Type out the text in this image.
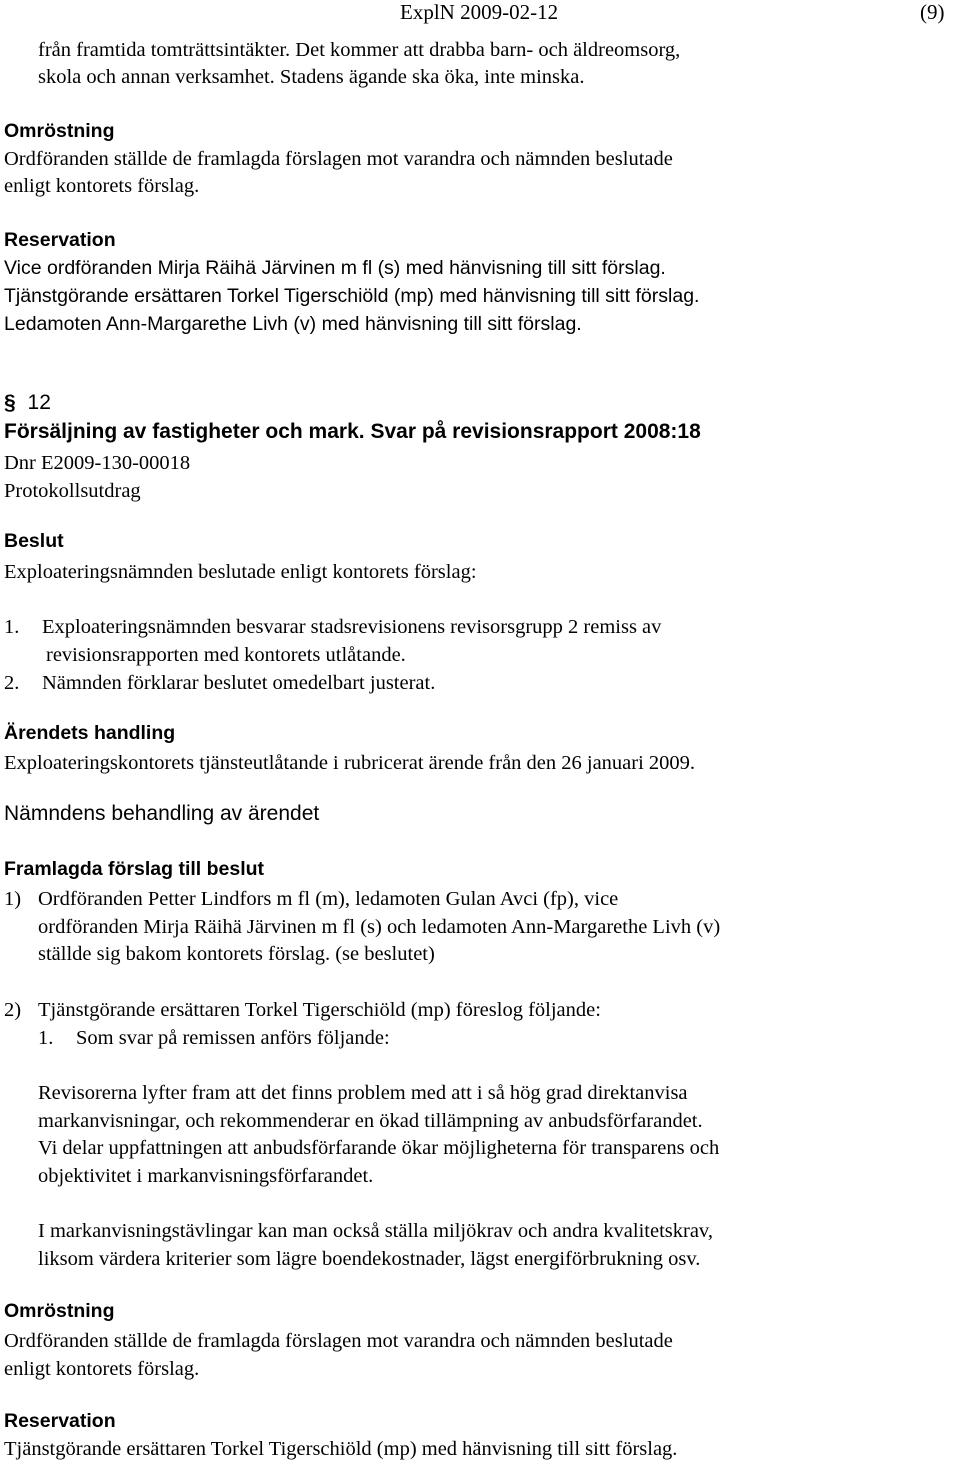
ExplN 2009-02-12	(9)
från framtida tomträttsintäkter. Det kommer att drabba barn- och äldreomsorg,
skola och annan verksamhet. Stadens ägande ska öka, inte minska.
Omröstning
Ordföranden ställde de framlagda förslagen mot varandra och nämnden beslutade
enligt kontorets förslag.
Reservation
Vice ordföranden Mirja Räihä Järvinen m fl (s) med hänvisning till sitt förslag.
Tjänstgörande ersättaren Torkel Tigerschiöld (mp) med hänvisning till sitt förslag.
Ledamoten Ann-Margarethe Livh (v) med hänvisning till sitt förslag.
§ 12
Försäljning av fastigheter och mark. Svar på revisionsrapport 2008:18
Dnr E2009-130-00018
Protokollsutdrag
Beslut
Exploateringsnämnden beslutade enligt kontorets förslag:
1. Exploateringsnämnden besvarar stadsrevisionens revisorsgrupp 2 remiss av
revisionsrapporten med kontorets utlåtande.
2. Nämnden förklarar beslutet omedelbart justerat.
Ärendets handling
Exploateringskontorets tjänsteutlåtande i rubricerat ärende från den 26 januari 2009.
Nämndens behandling av ärendet
Framlagda förslag till beslut
1) Ordföranden Petter Lindfors m fl (m), ledamoten Gulan Avci (fp), vice
ordföranden Mirja Räihä Järvinen m fl (s) och ledamoten Ann-Margarethe Livh (v)
ställde sig bakom kontorets förslag. (se beslutet)
2) Tjänstgörande ersättaren Torkel Tigerschiöld (mp) föreslog följande:
1. Som svar på remissen anförs följande:
Revisorerna lyfter fram att det finns problem med att i så hög grad direktanvisa
markanvisningar, och rekommenderar en ökad tillämpning av anbudsförfarandet.
Vi delar uppfattningen att anbudsförfarande ökar möjligheterna för transparens och
objektivitet i markanvisningsförfarandet.
I markanvisningstävlingar kan man också ställa miljökrav och andra kvalitetskrav,
liksom värdera kriterier som lägre boendekostnader, lägst energiförbrukning osv.
Omröstning
Ordföranden ställde de framlagda förslagen mot varandra och nämnden beslutade
enligt kontorets förslag.
Reservation
Tjänstgörande ersättaren Torkel Tigerschiöld (mp) med hänvisning till sitt förslag.
